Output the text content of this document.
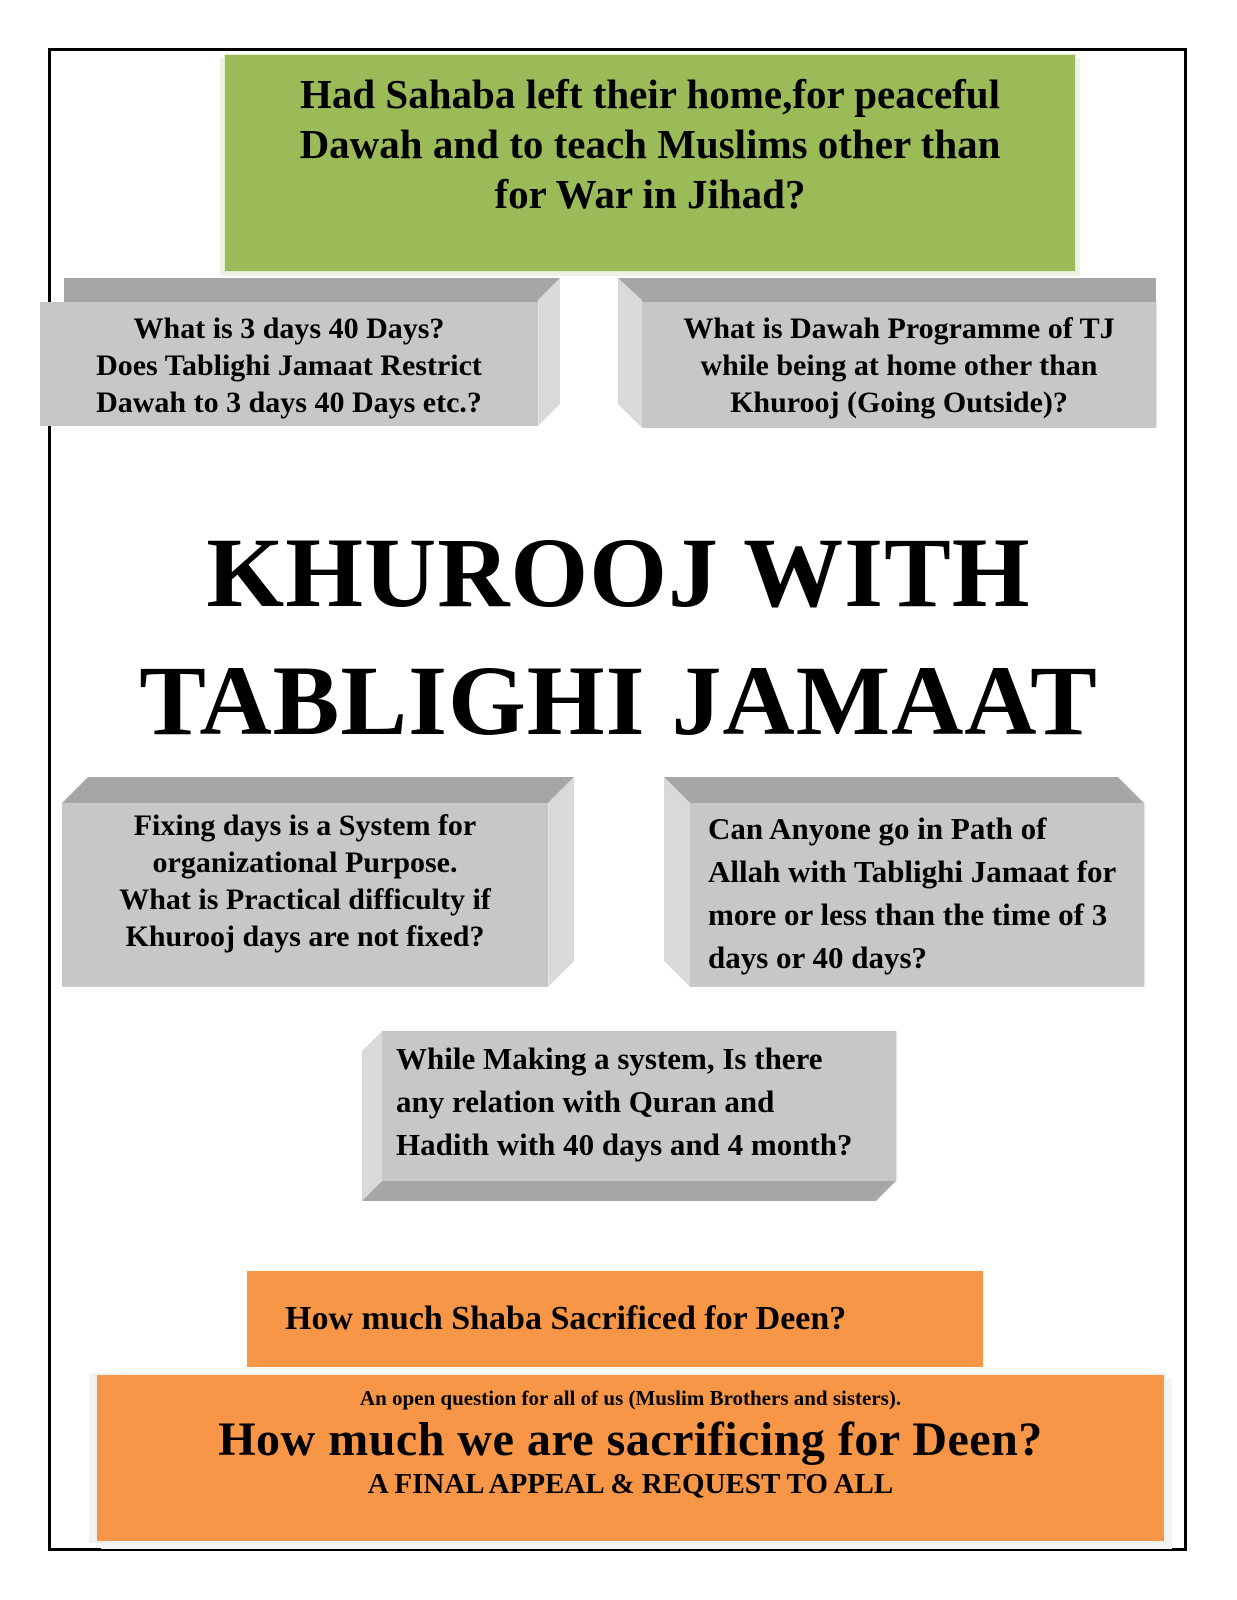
Had Sahaba left their home,for peaceful
Dawah and to teach Muslims other than
for War in Jihad?
What is 3 days 40 Days?
Does Tablighi Jamaat Restrict
Dawah to 3 days 40 Days etc.?
What is Dawah Programme of TJ
while being at home other than
Khurooj (Going Outside)?
KHUROOJ WITH
TABLIGHI JAMAAT
Fixing days is a System for
organizational Purpose.
What is Practical difficulty if
Khurooj days are not fixed?
Can Anyone go in Path of
Allah with Tablighi Jamaat for
more or less than the time of 3
days or 40 days?
While Making a system, Is there
any relation with Quran and
Hadith with 40 days and 4 month?
How much Shaba Sacrificed for Deen?
An open question for all of us (Muslim Brothers and sisters).
How much we are sacrificing for Deen?
A FINAL APPEAL & REQUEST TO ALL
